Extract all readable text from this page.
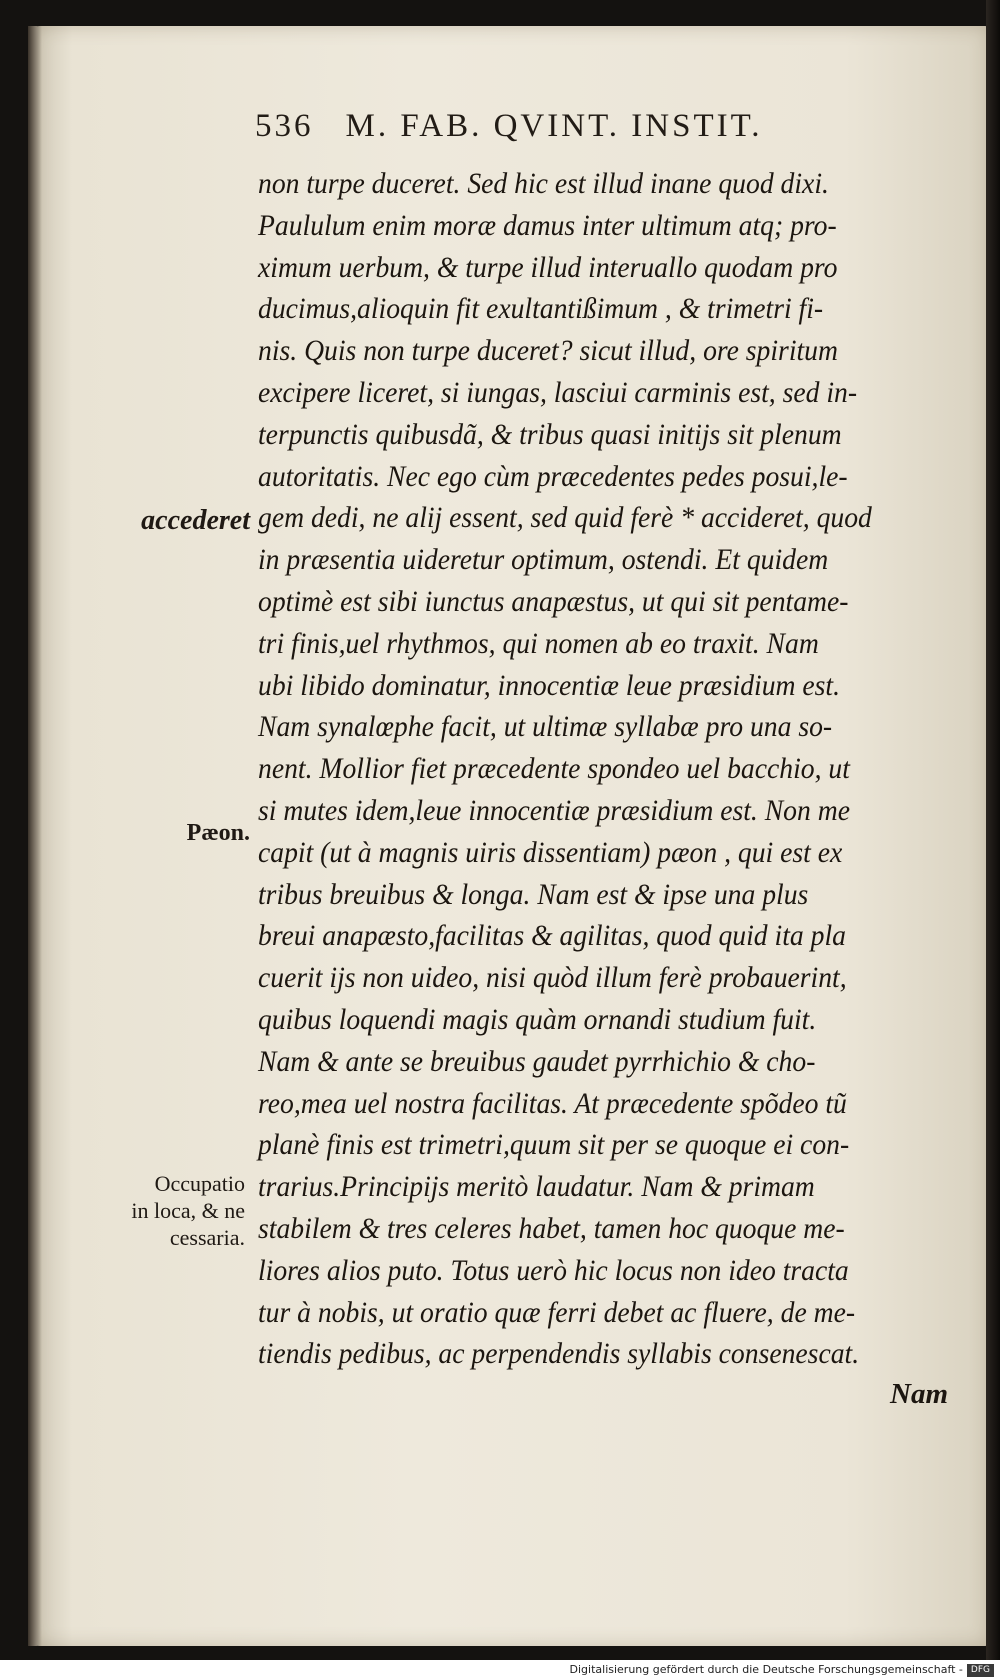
536 M. FAB. QVINT. INSTIT.
accederet
Pæon.
Occupatio
in loca, & ne
cessaria.
non turpe duceret. Sed hic est illud inane quod dixi.
Paululum enim moræ damus inter ultimum atq; pro-
ximum uerbum, & turpe illud interuallo quodam pro
ducimus,alioquin fit exultantißimum , & trimetri fi-
nis. Quis non turpe duceret? sicut illud, ore spiritum
excipere liceret, si iungas, lasciui carminis est, sed in-
terpunctis quibusdã, & tribus quasi initijs sit plenum
autoritatis. Nec ego cùm præcedentes pedes posui,le-
gem dedi, ne alij essent, sed quid ferè * accideret, quod
in præsentia uideretur optimum, ostendi. Et quidem
optimè est sibi iunctus anapæstus, ut qui sit pentame-
tri finis,uel rhythmos, qui nomen ab eo traxit. Nam
ubi libido dominatur, innocentiæ leue præsidium est.
Nam synalœphe facit, ut ultimæ syllabæ pro una so-
nent. Mollior fiet præcedente spondeo uel bacchio, ut
si mutes idem,leue innocentiæ præsidium est. Non me
capit (ut à magnis uiris dissentiam) pæon , qui est ex
tribus breuibus & longa. Nam est & ipse una plus
breui anapæsto,facilitas & agilitas, quod quid ita pla
cuerit ijs non uideo, nisi quòd illum ferè probauerint,
quibus loquendi magis quàm ornandi studium fuit.
Nam & ante se breuibus gaudet pyrrhichio & cho-
reo,mea uel nostra facilitas. At præcedente spõdeo tũ
planè finis est trimetri,quum sit per se quoque ei con-
trarius.Principijs meritò laudatur. Nam & primam
stabilem & tres celeres habet, tamen hoc quoque me-
liores alios puto. Totus uerò hic locus non ideo tracta
tur à nobis, ut oratio quæ ferri debet ac fluere, de me-
tiendis pedibus, ac perpendendis syllabis consenescat.
Nam
Digitalisierung gefördert durch die Deutsche Forschungsgemeinschaft - DFG
